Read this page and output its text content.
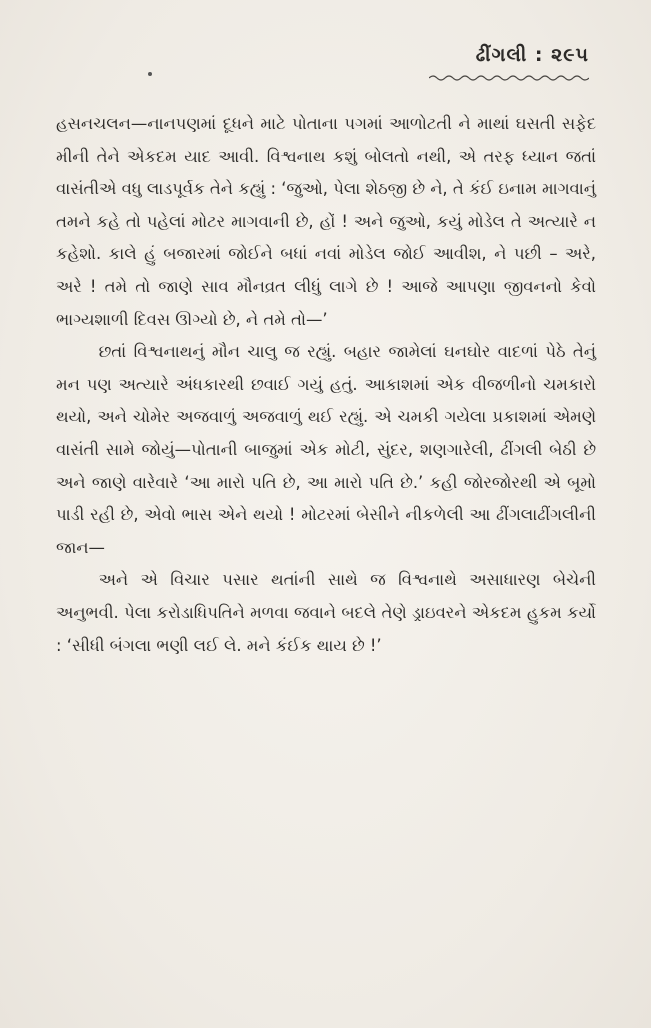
ઢીંગલી : ૨૯૫

હસનચલન—નાનપણમાં દૂધને માટે પોતાના પગમાં આળોટતી ને માથાં ઘસતી સફેદ મીની તેને એકદમ યાદ આવી. વિશ્વનાથ કશું બોલતો નથી, એ તરફ ધ્યાન જતાં વાસંતીએ વધુ લાડપૂર્વક તેને કહ્યું : ‘જુઓ, પેલા શેઠજી છે ને, તે કંઈ ઇનામ માગવાનું તમને કહે તો પહેલાં મોટર માગવાની છે, હોં ! અને જુઓ, કયું મોડેલ તે અત્યારે ન કહેશો. કાલે હું બજારમાં જોઈને બધાં નવાં મોડેલ જોઈ આવીશ, ને પછી – અરે, અરે ! તમે તો જાણે સાવ મૌનવ્રત લીધું લાગે છે ! આજે આપણા જીવનનો કેવો ભાગ્યશાળી દિવસ ઊગ્યો છે, ને તમે તો—’

છતાં વિશ્વનાથનું મૌન ચાલુ જ રહ્યું. બહાર જામેલાં ઘનઘોર વાદળાં પેઠે તેનું મન પણ અત્યારે અંધકારથી છવાઈ ગયું હતું. આકાશમાં એક વીજળીનો ચમકારો થયો, અને ચોમેર અજવાળું અજવાળું થઈ રહ્યું. એ ચમકી ગયેલા પ્રકાશમાં એમણે વાસંતી સામે જોયું—પોતાની બાજુમાં એક મોટી, સુંદર, શણગારેલી, ઢીંગલી બેઠી છે અને જાણે વારેવારે ‘આ મારો પતિ છે, આ મારો પતિ છે.’ કહી જોરજોરથી એ બૂમો પાડી રહી છે, એવો ભાસ એને થયો ! મોટરમાં બેસીને નીકળેલી આ ઢીંગલાઢીંગલીની જાન—

અને એ વિચાર પસાર થતાંની સાથે જ વિશ્વનાથે અસાધારણ બેચેની અનુભવી. પેલા કરોડાધિપતિને મળવા જવાને બદલે તેણે ડ્રાઇવરને એકદમ હુકમ કર્યો : ‘સીધી બંગલા ભણી લઈ લે. મને કંઈક થાય છે !’
